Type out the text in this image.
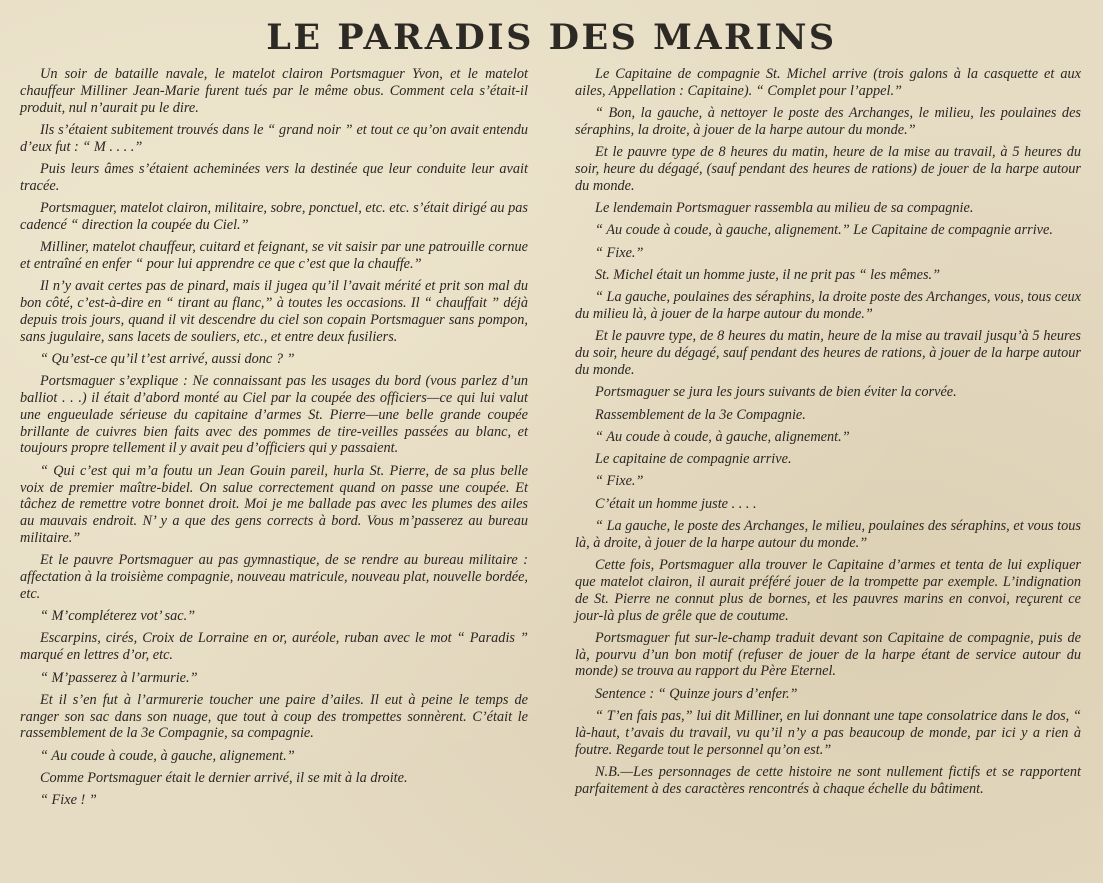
LE PARADIS DES MARINS

Un soir de bataille navale, le matelot clairon Portsmaguer Yvon, et le matelot chauffeur Milliner Jean-Marie furent tués par le même obus. Comment cela s’était-il produit, nul n’aurait pu le dire.

Ils s’étaient subitement trouvés dans le “ grand noir ” et tout ce qu’on avait entendu d’eux fut : “ M . . . .”

Puis leurs âmes s’étaient acheminées vers la destinée que leur conduite leur avait tracée.

Portsmaguer, matelot clairon, militaire, sobre, ponctuel, etc. etc. s’était dirigé au pas cadencé “ direction la coupée du Ciel.”

Milliner, matelot chauffeur, cuitard et feignant, se vit saisir par une patrouille cornue et entraîné en enfer “ pour lui apprendre ce que c’est que la chauffe.”

Il n’y avait certes pas de pinard, mais il jugea qu’il l’avait mérité et prit son mal du bon côté, c’est-à-dire en “ tirant au flanc,” à toutes les occasions. Il “ chauffait ” déjà depuis trois jours, quand il vit descendre du ciel son copain Portsmaguer sans pompon, sans jugulaire, sans lacets de souliers, etc., et entre deux fusiliers.

“ Qu’est-ce qu’il t’est arrivé, aussi donc ? ”

Portsmaguer s’explique : Ne connaissant pas les usages du bord (vous parlez d’un balliot . . .) il était d’abord monté au Ciel par la coupée des officiers—ce qui lui valut une engueulade sérieuse du capitaine d’armes St. Pierre—une belle grande coupée brillante de cuivres bien faits avec des pommes de tire-veilles passées au blanc, et toujours propre tellement il y avait peu d’officiers qui y passaient.

“ Qui c’est qui m’a foutu un Jean Gouin pareil, hurla St. Pierre, de sa plus belle voix de premier maître-bidel. On salue correctement quand on passe une coupée. Et tâchez de remettre votre bonnet droit. Moi je me ballade pas avec les plumes des ailes au mauvais endroit. N’ y a que des gens corrects à bord. Vous m’passerez au bureau militaire.”

Et le pauvre Portsmaguer au pas gymnastique, de se rendre au bureau militaire : affectation à la troisième compagnie, nouveau matricule, nouveau plat, nouvelle bordée, etc.

“ M’compléterez vot’ sac.”

Escarpins, cirés, Croix de Lorraine en or, auréole, ruban avec le mot “ Paradis ” marqué en lettres d’or, etc.

“ M’passerez à l’armurie.”

Et il s’en fut à l’armurerie toucher une paire d’ailes. Il eut à peine le temps de ranger son sac dans son nuage, que tout à coup des trompettes sonnèrent. C’était le rassemblement de la 3e Compagnie, sa compagnie.

“ Au coude à coude, à gauche, alignement.”

Comme Portsmaguer était le dernier arrivé, il se mit à la droite.

“ Fixe ! ”

Le Capitaine de compagnie St. Michel arrive (trois galons à la casquette et aux ailes, Appellation : Capitaine). “ Complet pour l’appel.”

“ Bon, la gauche, à nettoyer le poste des Archanges, le milieu, les poulaines des séraphins, la droite, à jouer de la harpe autour du monde.”

Et le pauvre type de 8 heures du matin, heure de la mise au travail, à 5 heures du soir, heure du dégagé, (sauf pendant des heures de rations) de jouer de la harpe autour du monde.

Le lendemain Portsmaguer rassembla au milieu de sa compagnie.

“ Au coude à coude, à gauche, alignement.” Le Capitaine de compagnie arrive.

“ Fixe.”

St. Michel était un homme juste, il ne prit pas “ les mêmes.”

“ La gauche, poulaines des séraphins, la droite poste des Archanges, vous, tous ceux du milieu là, à jouer de la harpe autour du monde.”

Et le pauvre type, de 8 heures du matin, heure de la mise au travail jusqu’à 5 heures du soir, heure du dégagé, sauf pendant des heures de rations, à jouer de la harpe autour du monde.

Portsmaguer se jura les jours suivants de bien éviter la corvée.

Rassemblement de la 3e Compagnie.

“ Au coude à coude, à gauche, alignement.”

Le capitaine de compagnie arrive.

“ Fixe.”

C’était un homme juste . . . .

“ La gauche, le poste des Archanges, le milieu, poulaines des séraphins, et vous tous là, à droite, à jouer de la harpe autour du monde.”

Cette fois, Portsmaguer alla trouver le Capitaine d’armes et tenta de lui expliquer que matelot clairon, il aurait préféré jouer de la trompette par exemple. L’indignation de St. Pierre ne connut plus de bornes, et les pauvres marins en convoi, reçurent ce jour-là plus de grêle que de coutume.

Portsmaguer fut sur-le-champ traduit devant son Capitaine de compagnie, puis de là, pourvu d’un bon motif (refuser de jouer de la harpe étant de service autour du monde) se trouva au rapport du Père Eternel.

Sentence : “ Quinze jours d’enfer.”

“ T’en fais pas,” lui dit Milliner, en lui donnant une tape consolatrice dans le dos, “ là-haut, t’avais du travail, vu qu’il n’y a pas beaucoup de monde, par ici y a rien à foutre. Regarde tout le personnel qu’on est.”

N.B.—Les personnages de cette histoire ne sont nullement fictifs et se rapportent parfaitement à des caractères rencontrés à chaque échelle du bâtiment.
